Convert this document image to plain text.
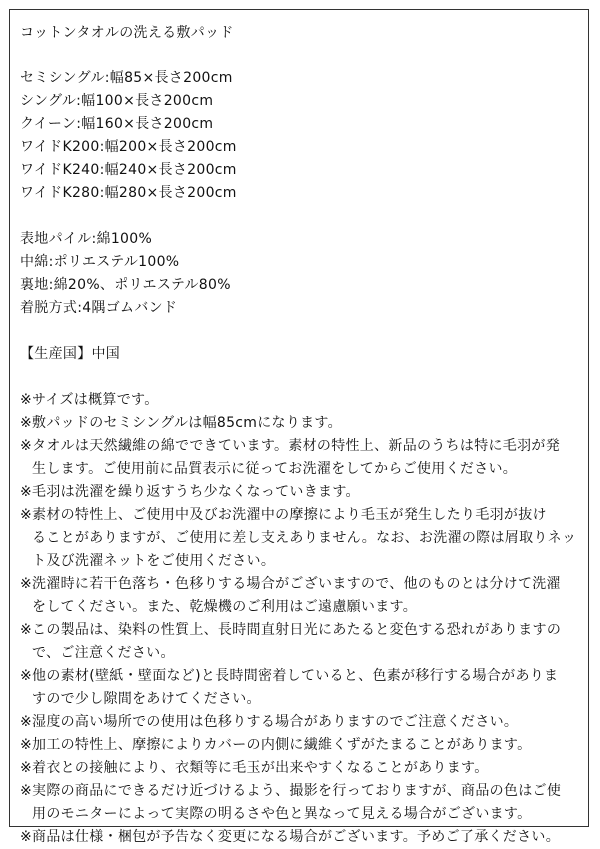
コットンタオルの洗える敷パッド
セミシングル:幅85×長さ200cm
シングル:幅100×長さ200cm
クイーン:幅160×長さ200cm
ワイドK200:幅200×長さ200cm
ワイドK240:幅240×長さ200cm
ワイドK280:幅280×長さ200cm
表地パイル:綿100%
中綿:ポリエステル100%
裏地:綿20%、ポリエステル80%
着脱方式:4隅ゴムバンド
【生産国】中国
※ サイズは概算です。
※ 敷パッドのセミシングルは幅85cmになります。
※ タオルは天然繊維の綿でできています。素材の特性上、新品のうちは特に毛羽が発
生します。ご使用前に品質表示に従ってお洗濯をしてからご使用ください。
※ 毛羽は洗濯を繰り返すうち少なくなっていきます。
※ 素材の特性上、ご使用中及びお洗濯中の摩擦により毛玉が発生したり毛羽が抜け
ることがありますが、ご使用に差し支えありません。なお、お洗濯の際は屑取りネッ
ト及び洗濯ネットをご使用ください。
※ 洗濯時に若干色落ち・色移りする場合がございますので、他のものとは分けて洗濯
をしてください。また、乾燥機のご利用はご遠慮願います。
※ この製品は、染料の性質上、長時間直射日光にあたると変色する恐れがありますの
で、ご注意ください。
※ 他の素材(壁紙・壁面など)と長時間密着していると、色素が移行する場合がありま
すので少し隙間をあけてください。
※ 湿度の高い場所での使用は色移りする場合がありますのでご注意ください。
※ 加工の特性上、摩擦によりカバーの内側に繊維くずがたまることがあります。
※ 着衣との接触により、衣類等に毛玉が出来やすくなることがあります。
※ 実際の商品にできるだけ近づけるよう、撮影を行っておりますが、商品の色はご使
用のモニターによって実際の明るさや色と異なって見える場合がございます。
※ 商品は仕様・梱包が予告なく変更になる場合がございます。予めご了承ください。
